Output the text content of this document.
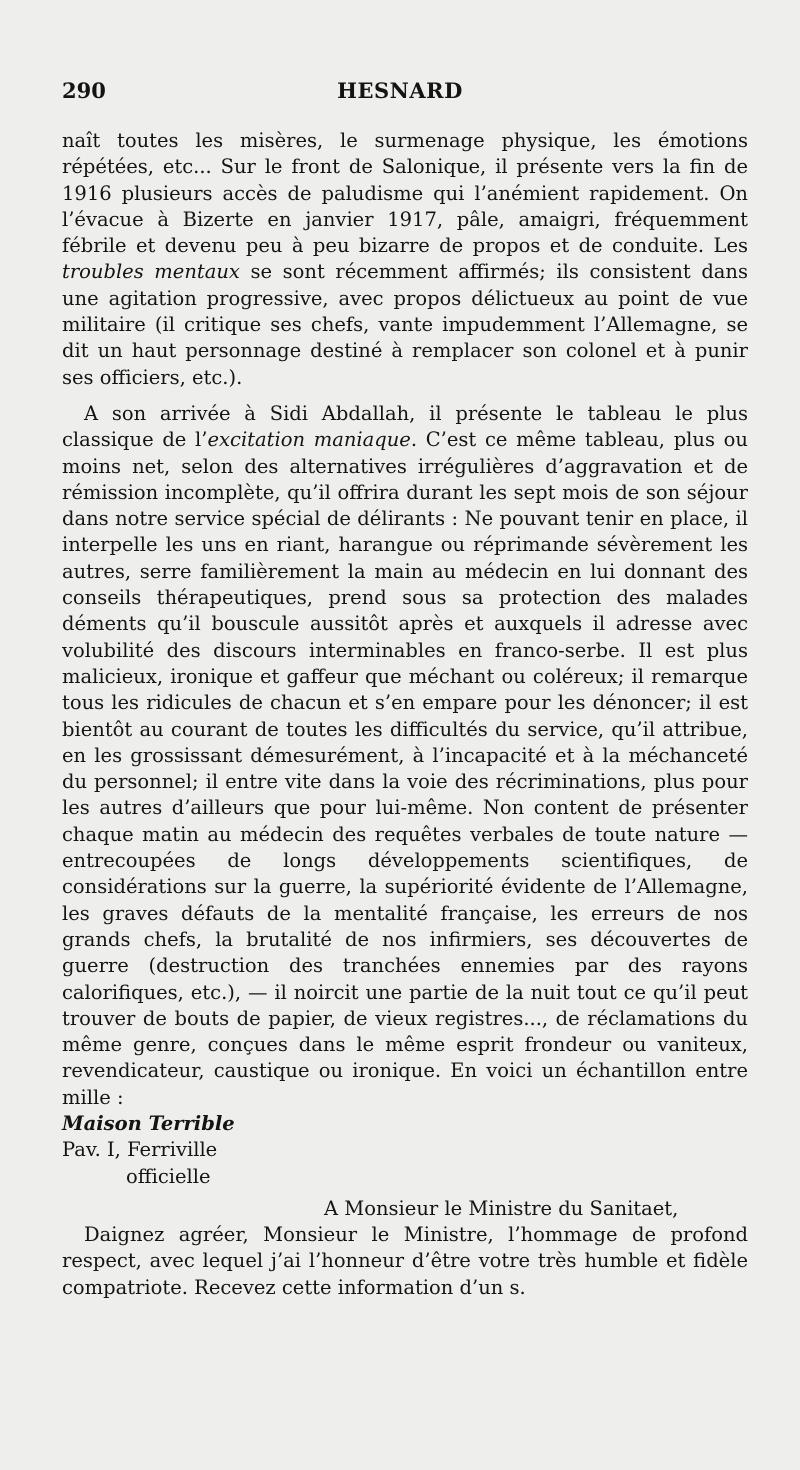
290	HESNARD

naît toutes les misères, le surmenage physique, les émotions répétées, etc... Sur le front de Salonique, il présente vers la fin de 1916 plusieurs accès de paludisme qui l’anémient rapidement. On l’évacue à Bizerte en janvier 1917, pâle, amaigri, fréquemment fébrile et devenu peu à peu bizarre de propos et de conduite. Les troubles mentaux se sont récemment affirmés; ils consistent dans une agitation progressive, avec propos délictueux au point de vue militaire (il critique ses chefs, vante impudemment l’Allemagne, se dit un haut personnage destiné à remplacer son colonel et à punir ses officiers, etc.).

A son arrivée à Sidi Abdallah, il présente le tableau le plus classique de l’excitation maniaque. C’est ce même tableau, plus ou moins net, selon des alternatives irrégulières d’aggravation et de rémission incomplète, qu’il offrira durant les sept mois de son séjour dans notre service spécial de délirants : Ne pouvant tenir en place, il interpelle les uns en riant, harangue ou réprimande sévèrement les autres, serre familièrement la main au médecin en lui donnant des conseils thérapeutiques, prend sous sa protection des malades déments qu’il bouscule aussitôt après et auxquels il adresse avec volubilité des discours interminables en franco-serbe. Il est plus malicieux, ironique et gaffeur que méchant ou coléreux; il remarque tous les ridicules de chacun et s’en empare pour les dénoncer; il est bientôt au courant de toutes les difficultés du service, qu’il attribue, en les grossissant démesurément, à l’incapacité et à la méchanceté du personnel; il entre vite dans la voie des récriminations, plus pour les autres d’ailleurs que pour lui-même. Non content de présenter chaque matin au médecin des requêtes verbales de toute nature — entrecoupées de longs développements scientifiques, de considérations sur la guerre, la supériorité évidente de l’Allemagne, les graves défauts de la mentalité française, les erreurs de nos grands chefs, la brutalité de nos infirmiers, ses découvertes de guerre (destruction des tranchées ennemies par des rayons calorifiques, etc.), — il noircit une partie de la nuit tout ce qu’il peut trouver de bouts de papier, de vieux registres..., de réclamations du même genre, conçues dans le même esprit frondeur ou vaniteux, revendicateur, caustique ou ironique. En voici un échantillon entre mille :

Maison Terrible
Pav. I, Ferriville
officielle
A Monsieur le Ministre du Sanitaet,

Daignez agréer, Monsieur le Ministre, l’hommage de profond respect, avec lequel j’ai l’honneur d’être votre très humble et fidèle compatriote. Recevez cette information d’un s.
